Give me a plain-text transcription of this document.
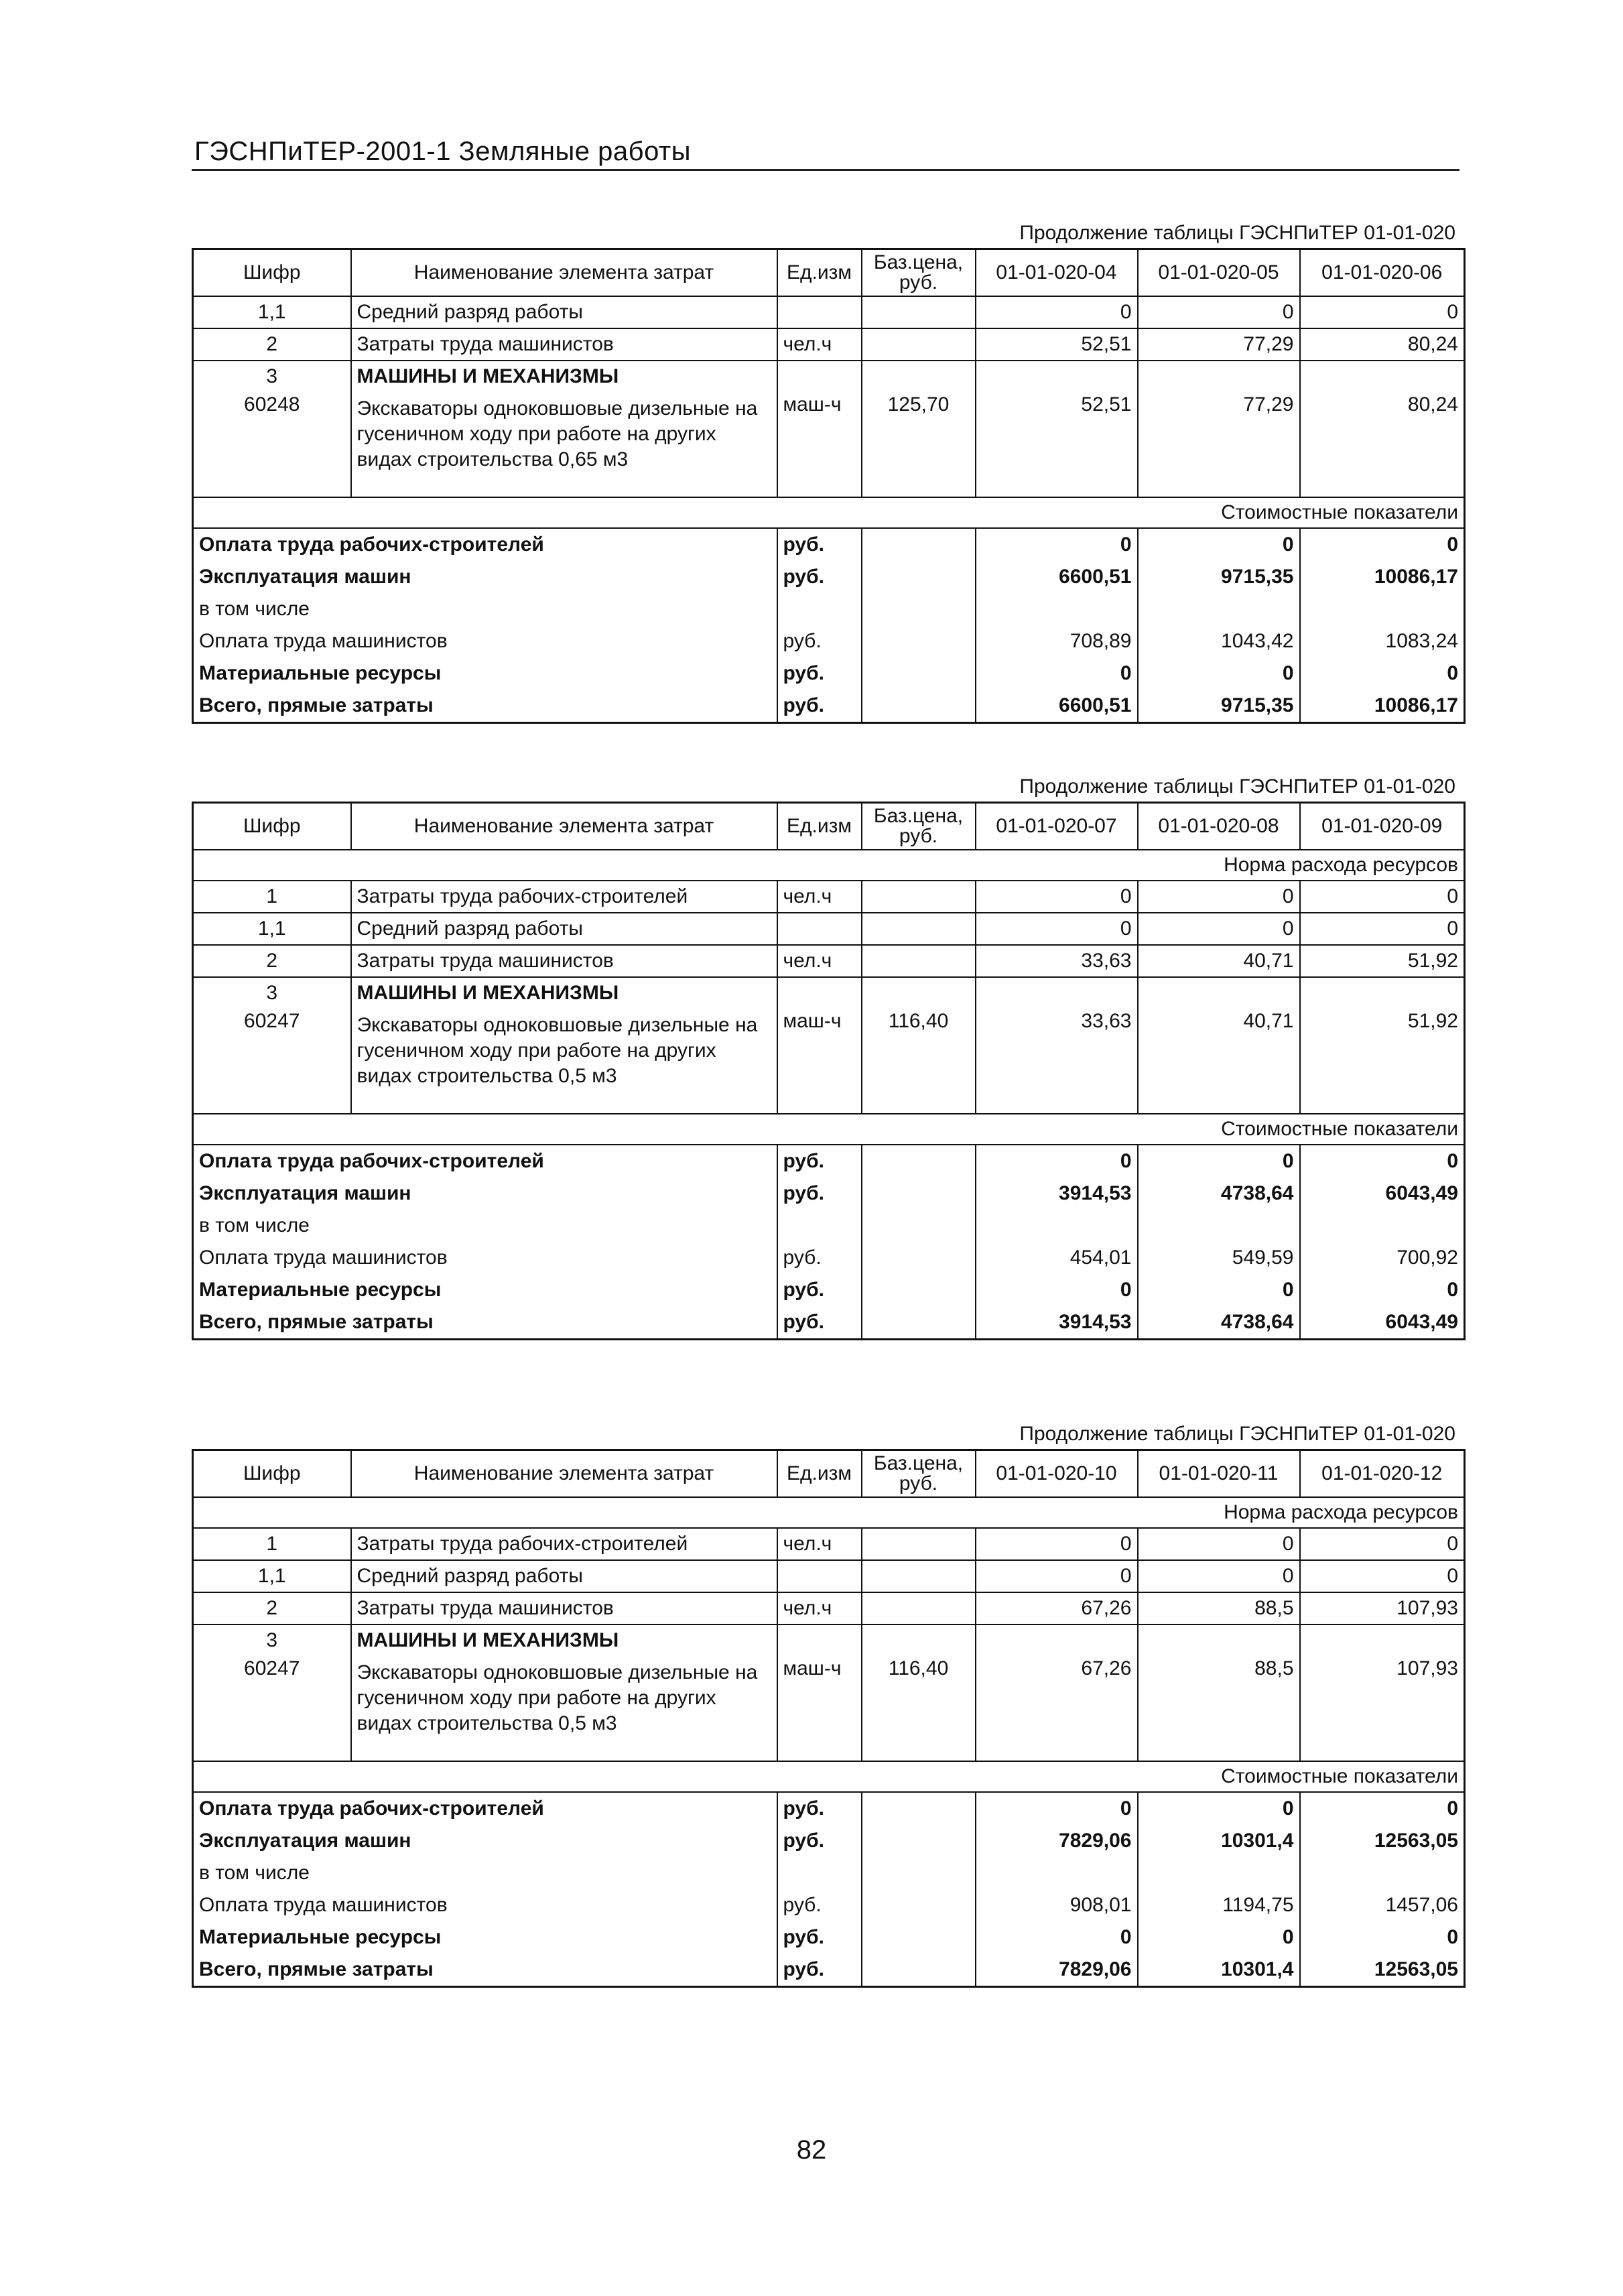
ГЭСНПиТЕР-2001-1 Земляные работы
Продолжение таблицы ГЭСНПиТЕР 01-01-020
Шифр	Наименование элемента затрат	Ед.изм	Баз.цена, руб.	01-01-020-04	01-01-020-05	01-01-020-06
1,1	Средний разряд работы			0	0	0
2	Затраты труда машинистов	чел.ч		52,51	77,29	80,24
3	МАШИНЫ И МЕХАНИЗМЫ					
60248	Экскаваторы одноковшовые дизельные на гусеничном ходу при работе на других видах строительства 0,65 м3	маш-ч	125,70	52,51	77,29	80,24
Стоимостные показатели						
Оплата труда рабочих-строителей		руб.		0	0	0
Эксплуатация машин		руб.		6600,51	9715,35	10086,17
в том числе						
Оплата труда машинистов		руб.		708,89	1043,42	1083,24
Материальные ресурсы		руб.		0	0	0
Всего, прямые затраты		руб.		6600,51	9715,35	10086,17
Продолжение таблицы ГЭСНПиТЕР 01-01-020
Шифр	Наименование элемента затрат	Ед.изм	Баз.цена, руб.	01-01-020-07	01-01-020-08	01-01-020-09
Норма расхода ресурсов						
1	Затраты труда рабочих-строителей	чел.ч		0	0	0
1,1	Средний разряд работы			0	0	0
2	Затраты труда машинистов	чел.ч		33,63	40,71	51,92
3	МАШИНЫ И МЕХАНИЗМЫ					
60247	Экскаваторы одноковшовые дизельные на гусеничном ходу при работе на других видах строительства 0,5 м3	маш-ч	116,40	33,63	40,71	51,92
Стоимостные показатели						
Оплата труда рабочих-строителей		руб.		0	0	0
Эксплуатация машин		руб.		3914,53	4738,64	6043,49
в том числе						
Оплата труда машинистов		руб.		454,01	549,59	700,92
Материальные ресурсы		руб.		0	0	0
Всего, прямые затраты		руб.		3914,53	4738,64	6043,49
Продолжение таблицы ГЭСНПиТЕР 01-01-020
Шифр	Наименование элемента затрат	Ед.изм	Баз.цена, руб.	01-01-020-10	01-01-020-11	01-01-020-12
Норма расхода ресурсов						
1	Затраты труда рабочих-строителей	чел.ч		0	0	0
1,1	Средний разряд работы			0	0	0
2	Затраты труда машинистов	чел.ч		67,26	88,5	107,93
3	МАШИНЫ И МЕХАНИЗМЫ					
60247	Экскаваторы одноковшовые дизельные на гусеничном ходу при работе на других видах строительства 0,5 м3	маш-ч	116,40	67,26	88,5	107,93
Стоимостные показатели						
Оплата труда рабочих-строителей		руб.		0	0	0
Эксплуатация машин		руб.		7829,06	10301,4	12563,05
в том числе						
Оплата труда машинистов		руб.		908,01	1194,75	1457,06
Материальные ресурсы		руб.		0	0	0
Всего, прямые затраты		руб.		7829,06	10301,4	12563,05
82
